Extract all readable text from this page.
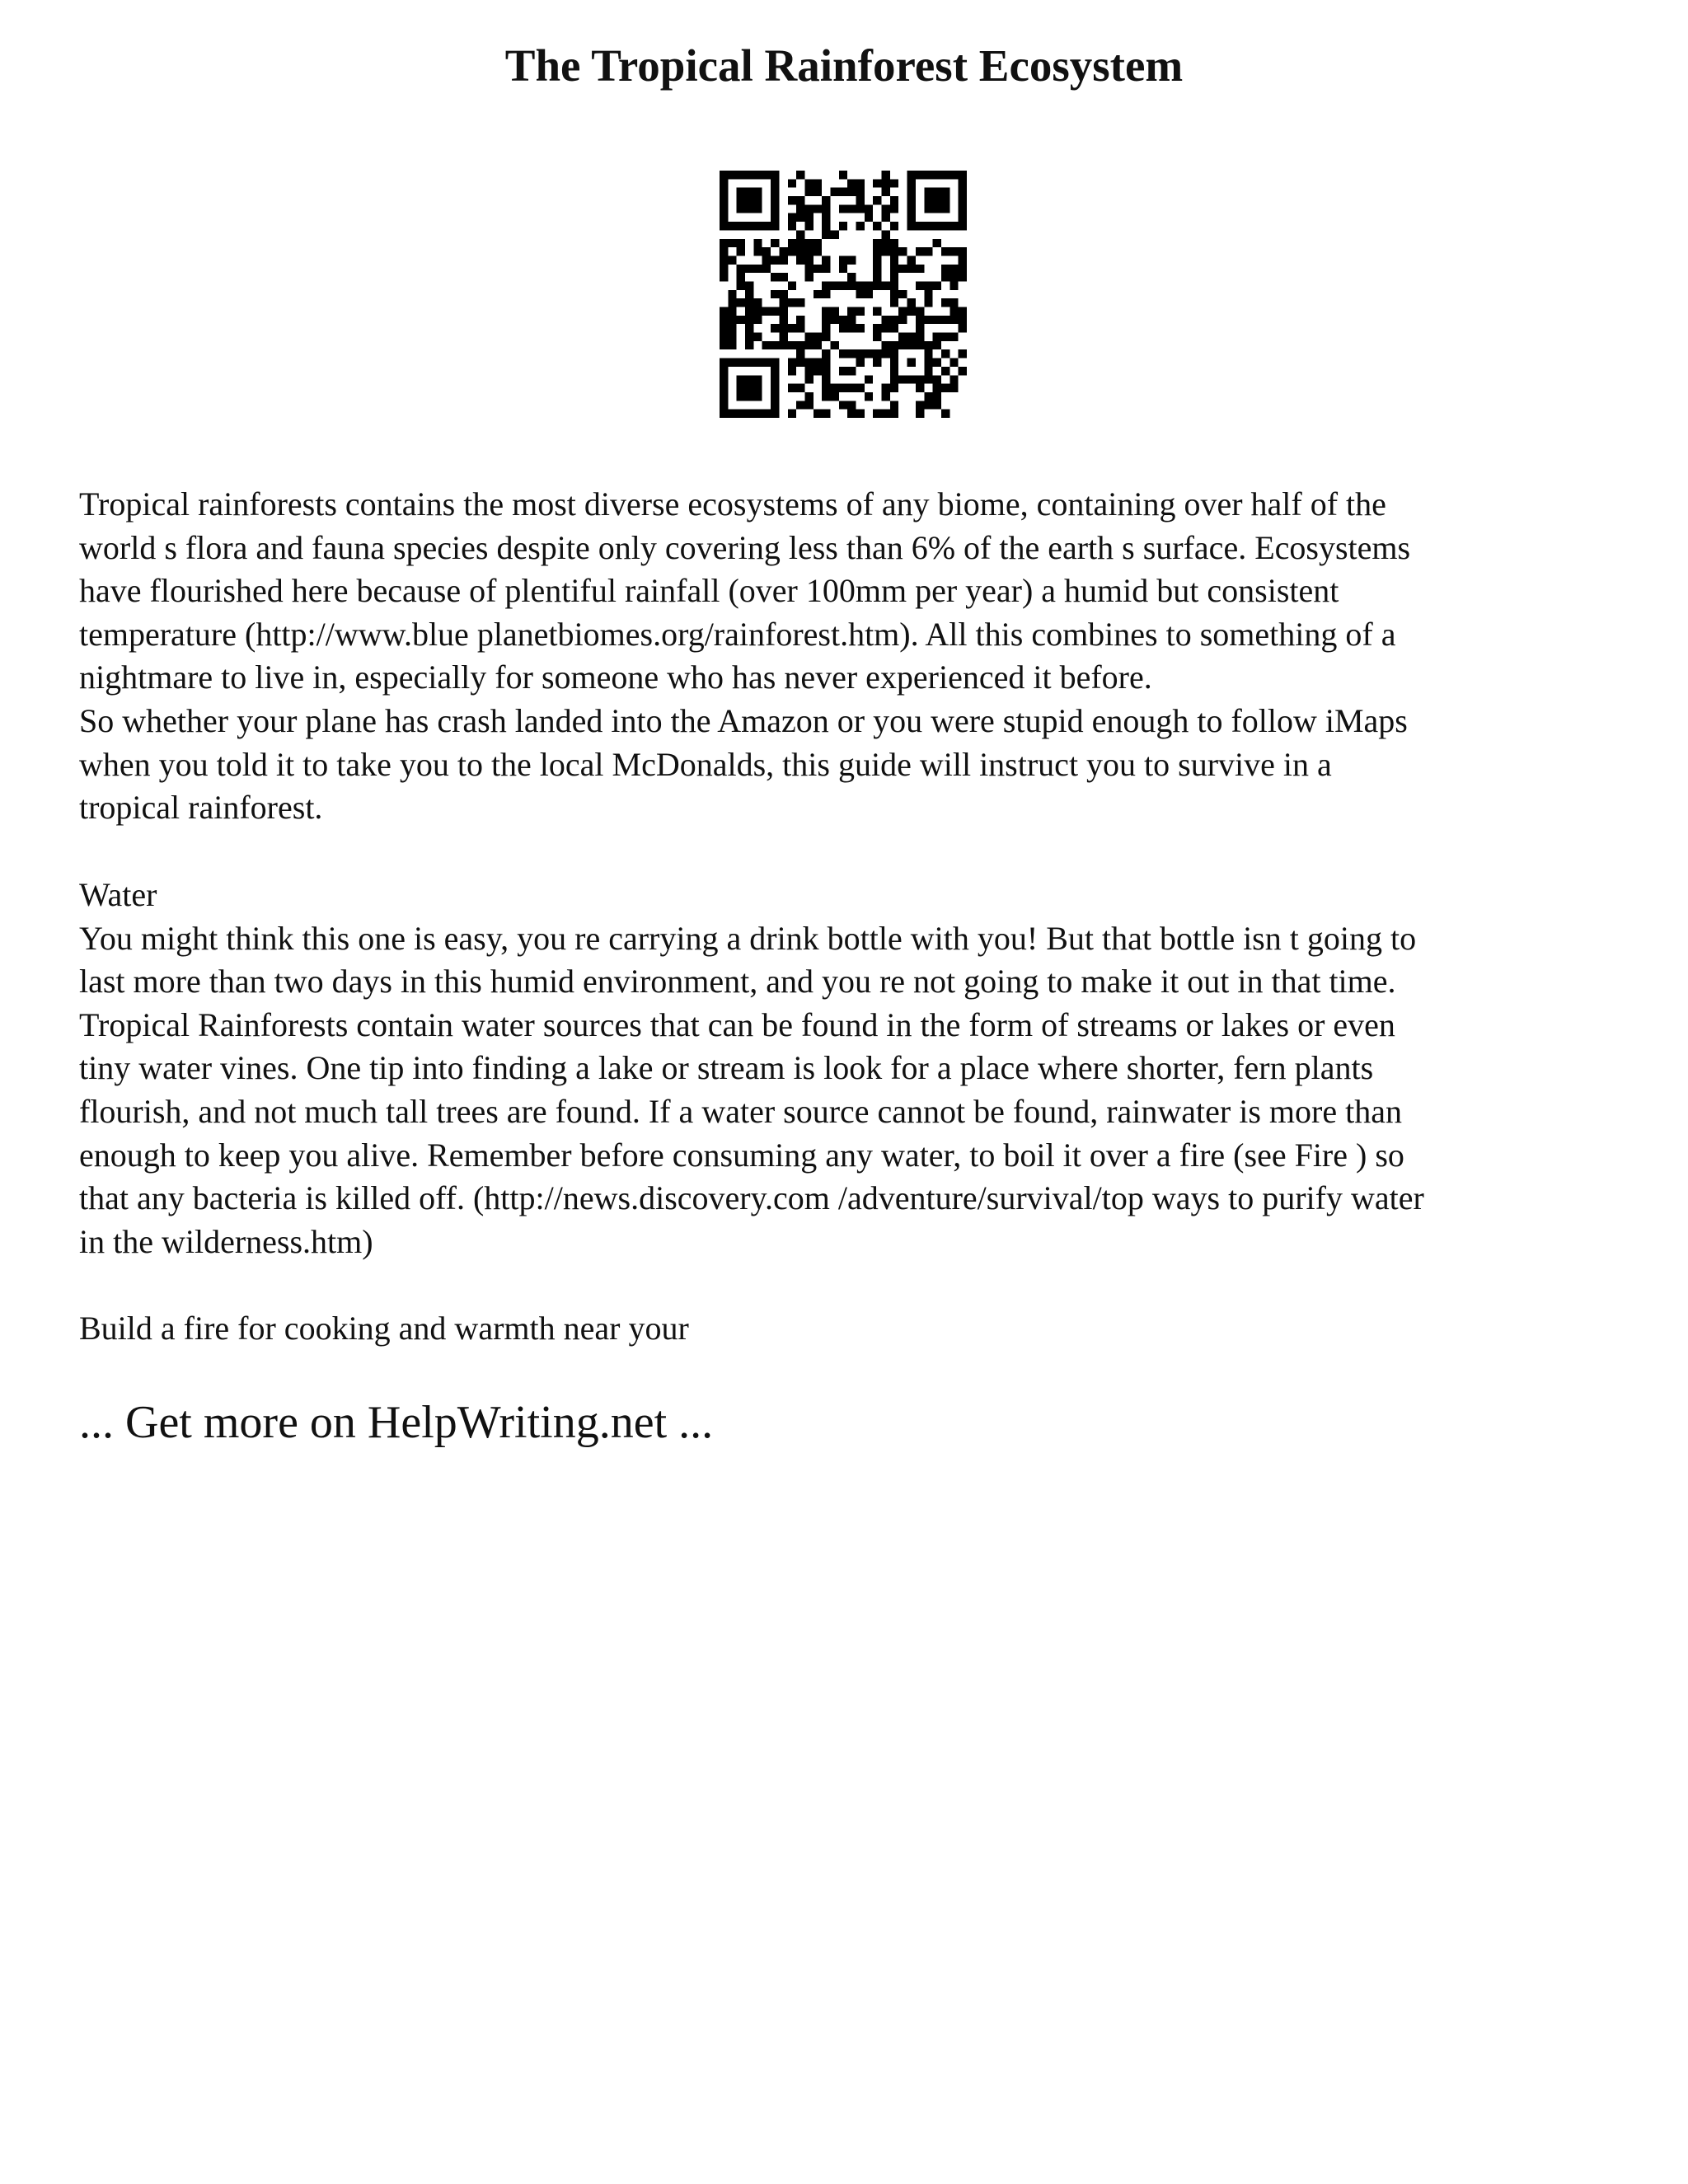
The Tropical Rainforest Ecosystem
Tropical rainforests contains the most diverse ecosystems of any biome, containing over half of the
world s flora and fauna species despite only covering less than 6% of the earth s surface. Ecosystems
have flourished here because of plentiful rainfall (over 100mm per year) a humid but consistent
temperature (http://www.blue planetbiomes.org/rainforest.htm). All this combines to something of a
nightmare to live in, especially for someone who has never experienced it before.
So whether your plane has crash landed into the Amazon or you were stupid enough to follow iMaps
when you told it to take you to the local McDonalds, this guide will instruct you to survive in a
tropical rainforest.
Water
You might think this one is easy, you re carrying a drink bottle with you! But that bottle isn t going to
last more than two days in this humid environment, and you re not going to make it out in that time.
Tropical Rainforests contain water sources that can be found in the form of streams or lakes or even
tiny water vines. One tip into finding a lake or stream is look for a place where shorter, fern plants
flourish, and not much tall trees are found. If a water source cannot be found, rainwater is more than
enough to keep you alive. Remember before consuming any water, to boil it over a fire (see Fire ) so
that any bacteria is killed off. (http://news.discovery.com /adventure/survival/top ways to purify water
in the wilderness.htm)
Build a fire for cooking and warmth near your

... Get more on HelpWriting.net ...
